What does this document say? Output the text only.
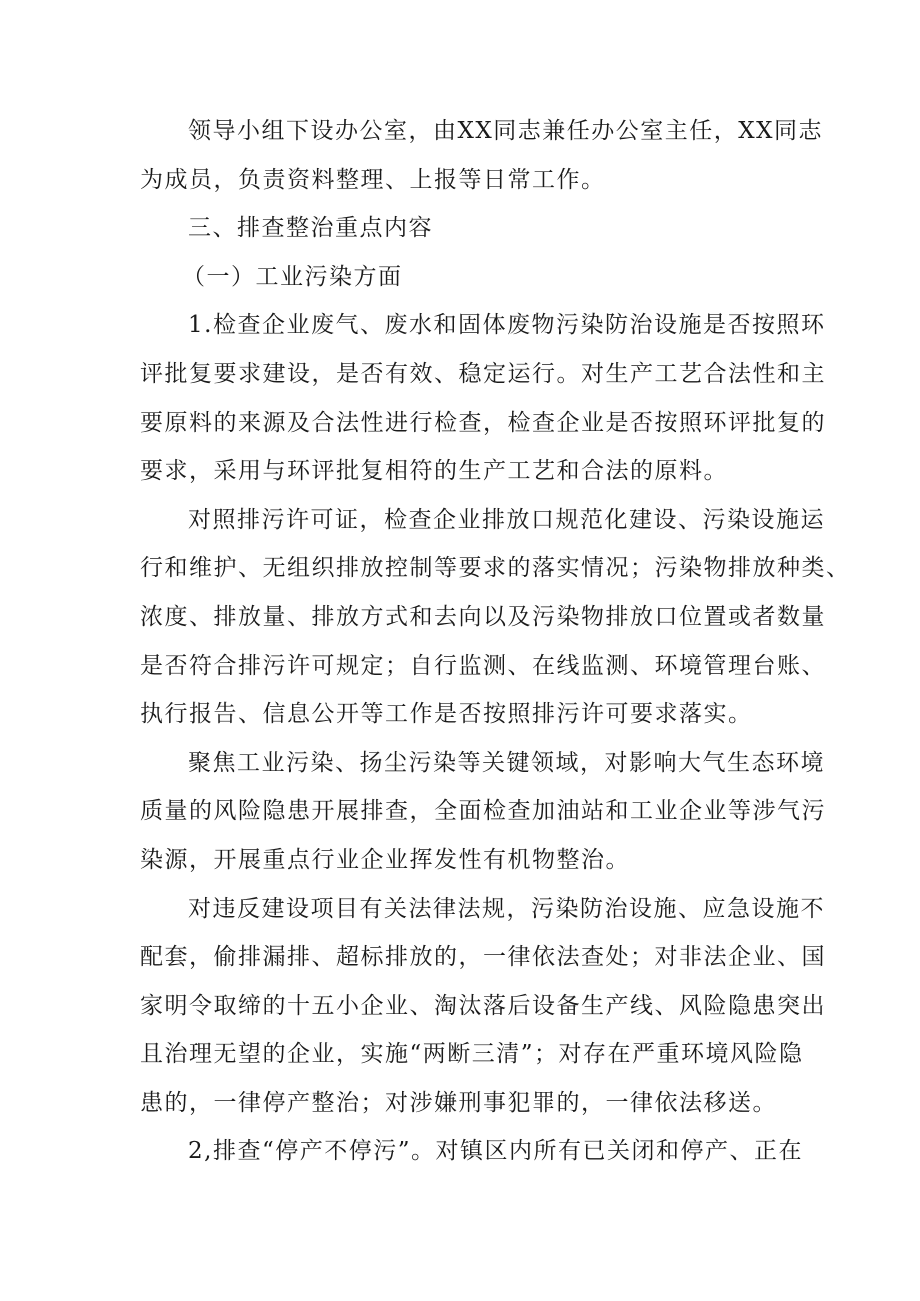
领导小组下设办公室，由XX同志兼任办公室主任，XX同志
为成员，负责资料整理、上报等日常工作。
三、排查整治重点内容
（一）工业污染方面
1.检查企业废气、废水和固体废物污染防治设施是否按照环
评批复要求建设，是否有效、稳定运行。对生产工艺合法性和主
要原料的来源及合法性进行检查，检查企业是否按照环评批复的
要求，采用与环评批复相符的生产工艺和合法的原料。
对照排污许可证，检查企业排放口规范化建设、污染设施运
行和维护、无组织排放控制等要求的落实情况；污染物排放种类、
浓度、排放量、排放方式和去向以及污染物排放口位置或者数量
是否符合排污许可规定；自行监测、在线监测、环境管理台账、
执行报告、信息公开等工作是否按照排污许可要求落实。
聚焦工业污染、扬尘污染等关键领域，对影响大气生态环境
质量的风险隐患开展排查，全面检查加油站和工业企业等涉气污
染源，开展重点行业企业挥发性有机物整治。
对违反建设项目有关法律法规，污染防治设施、应急设施不
配套，偷排漏排、超标排放的，一律依法查处；对非法企业、国
家明令取缔的十五小企业、淘汰落后设备生产线、风险隐患突出
且治理无望的企业，实施“两断三清”；对存在严重环境风险隐
患的，一律停产整治；对涉嫌刑事犯罪的，一律依法移送。
2,排查“停产不停污”。对镇区内所有已关闭和停产、正在
